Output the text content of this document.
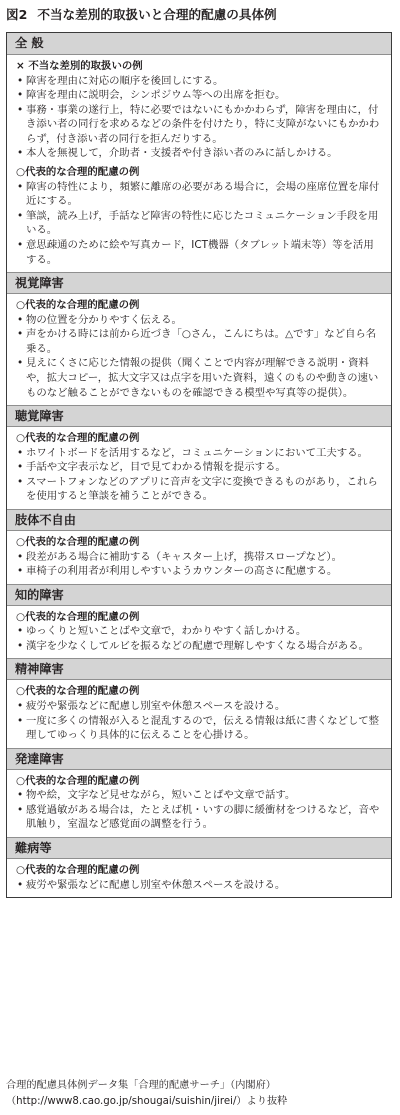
図2 不当な差別的取扱いと合理的配慮の具体例
全 般
× 不当な差別的取扱いの例
• 障害を理由に対応の順序を後回しにする。
• 障害を理由に説明会，シンポジウム等への出席を拒む。
• 事務・事業の遂行上，特に必要ではないにもかかわらず，障害を理由に，付き添い者の同行を求めるなどの条件を付けたり，特に支障がないにもかかわらず，付き添い者の同行を拒んだりする。
• 本人を無視して，介助者・支援者や付き添い者のみに話しかける。
○代表的な合理的配慮の例
• 障害の特性により，頻繁に離席の必要がある場合に，会場の座席位置を扉付近にする。
• 筆談，読み上げ，手話など障害の特性に応じたコミュニケーション手段を用いる。
• 意思疎通のために絵や写真カード，ICT機器（タブレット端末等）等を活用する。
視覚障害
○代表的な合理的配慮の例
• 物の位置を分かりやすく伝える。
• 声をかける時には前から近づき「○さん，こんにちは。△です」など自ら名乗る。
• 見えにくさに応じた情報の提供（聞くことで内容が理解できる説明・資料や，拡大コピー，拡大文字又は点字を用いた資料，遠くのものや動きの速いものなど触ることができないものを確認できる模型や写真等の提供）。
聴覚障害
○代表的な合理的配慮の例
• ホワイトボードを活用するなど，コミュニケーションにおいて工夫する。
• 手話や文字表示など，目で見てわかる情報を提示する。
• スマートフォンなどのアプリに音声を文字に変換できるものがあり，これらを使用すると筆談を補うことができる。
肢体不自由
○代表的な合理的配慮の例
• 段差がある場合に補助する（キャスター上げ，携帯スロープなど）。
• 車椅子の利用者が利用しやすいようカウンターの高さに配慮する。
知的障害
○代表的な合理的配慮の例
• ゆっくりと短いことばや文章で，わかりやすく話しかける。
• 漢字を少なくしてルビを振るなどの配慮で理解しやすくなる場合がある。
精神障害
○代表的な合理的配慮の例
• 疲労や緊張などに配慮し別室や休憩スペースを設ける。
• 一度に多くの情報が入ると混乱するので，伝える情報は紙に書くなどして整理してゆっくり具体的に伝えることを心掛ける。
発達障害
○代表的な合理的配慮の例
• 物や絵，文字など見せながら，短いことばや文章で話す。
• 感覚過敏がある場合は，たとえば机・いすの脚に緩衝材をつけるなど，音や肌触り，室温など感覚面の調整を行う。
難病等
○代表的な合理的配慮の例
• 疲労や緊張などに配慮し別室や休憩スペースを設ける。
合理的配慮具体例データ集「合理的配慮サーチ」（内閣府）
（http://www8.cao.go.jp/shougai/suishin/jirei/）より抜粋
